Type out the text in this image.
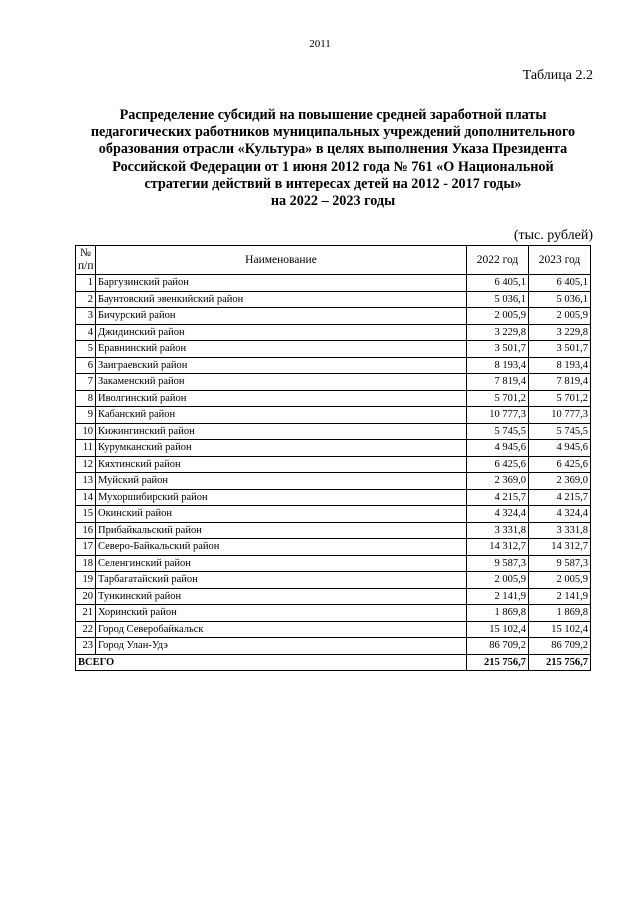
2011
Таблица 2.2
Распределение субсидий на повышение средней заработной платы
педагогических работников муниципальных учреждений дополнительного
образования отрасли «Культура» в целях выполнения Указа Президента
Российской Федерации от 1 июня 2012 года № 761 «О Национальной
стратегии действий в интересах детей на 2012 - 2017 годы»
на 2022 – 2023 годы
(тыс. рублей)
№
п/п	Наименование	2022 год	2023 год
1	Баргузинский район	6 405,1	6 405,1
2	Баунтовский эвенкийский район	5 036,1	5 036,1
3	Бичурский район	2 005,9	2 005,9
4	Джидинский район	3 229,8	3 229,8
5	Еравнинский район	3 501,7	3 501,7
6	Заиграевский район	8 193,4	8 193,4
7	Закаменский район	7 819,4	7 819,4
8	Иволгинский район	5 701,2	5 701,2
9	Кабанский район	10 777,3	10 777,3
10	Кижингинский район	5 745,5	5 745,5
11	Курумканский район	4 945,6	4 945,6
12	Кяхтинский район	6 425,6	6 425,6
13	Муйский район	2 369,0	2 369,0
14	Мухоршибирский район	4 215,7	4 215,7
15	Окинский район	4 324,4	4 324,4
16	Прибайкальский район	3 331,8	3 331,8
17	Северо-Байкальский район	14 312,7	14 312,7
18	Селенгинский район	9 587,3	9 587,3
19	Тарбагатайский район	2 005,9	2 005,9
20	Тункинский район	2 141,9	2 141,9
21	Хоринский район	1 869,8	1 869,8
22	Город Северобайкальск	15 102,4	15 102,4
23	Город Улан-Удэ	86 709,2	86 709,2
ВСЕГО		215 756,7	215 756,7
